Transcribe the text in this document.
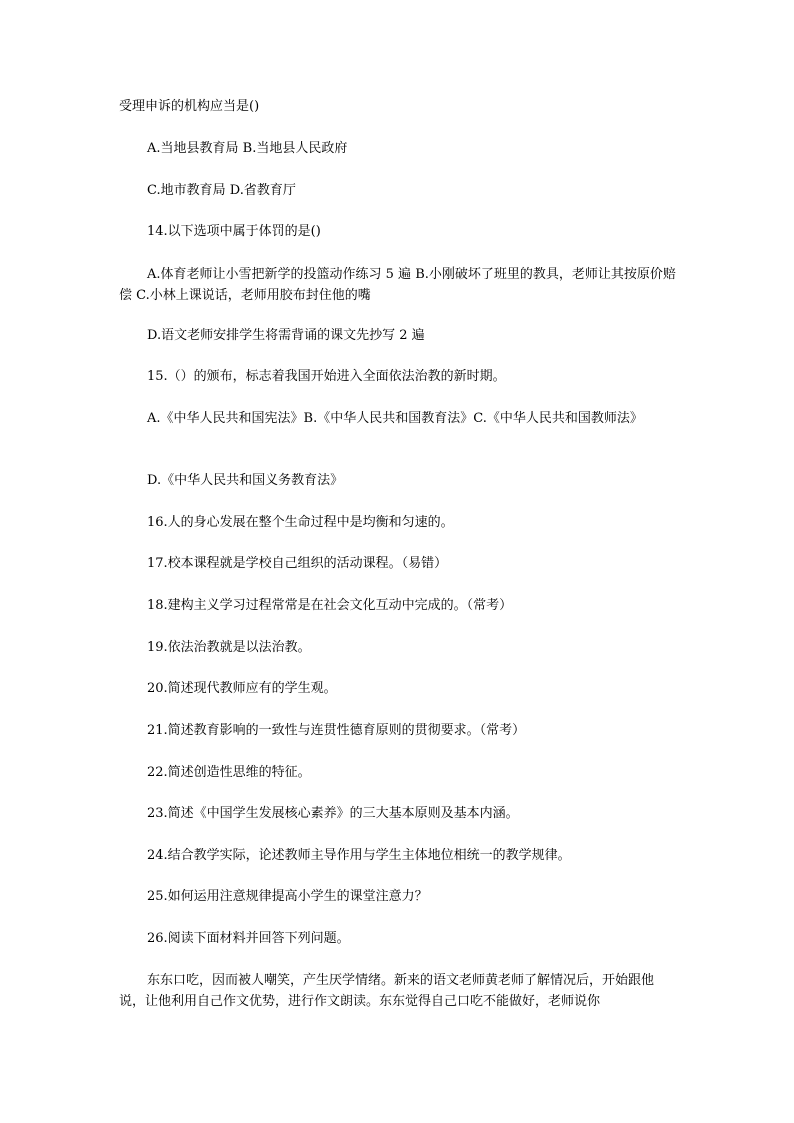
受理申诉的机构应当是()
A.当地县教育局 B.当地县人民政府
C.地市教育局 D.省教育厅
14.以下选项中属于体罚的是()
A.体育老师让小雪把新学的投篮动作练习 5 遍 B.小刚破坏了班里的教具，老师让其按原价赔偿 C.小林上课说话，老师用胶布封住他的嘴
D.语文老师安排学生将需背诵的课文先抄写 2 遍
15.（）的颁布，标志着我国开始进入全面依法治教的新时期。
A.《中华人民共和国宪法》B.《中华人民共和国教育法》C.《中华人民共和国教师法》
D.《中华人民共和国义务教育法》
16.人的身心发展在整个生命过程中是均衡和匀速的。
17.校本课程就是学校自己组织的活动课程。（易错）
18.建构主义学习过程常常是在社会文化互动中完成的。（常考）
19.依法治教就是以法治教。
20.简述现代教师应有的学生观。
21.简述教育影响的一致性与连贯性德育原则的贯彻要求。（常考）
22.简述创造性思维的特征。
23.简述《中国学生发展核心素养》的三大基本原则及基本内涵。
24.结合教学实际，论述教师主导作用与学生主体地位相统一的教学规律。
25.如何运用注意规律提高小学生的课堂注意力？
26.阅读下面材料并回答下列问题。
东东口吃，因而被人嘲笑，产生厌学情绪。新来的语文老师黄老师了解情况后，开始跟他说，让他利用自己作文优势，进行作文朗读。东东觉得自己口吃不能做好，老师说你
